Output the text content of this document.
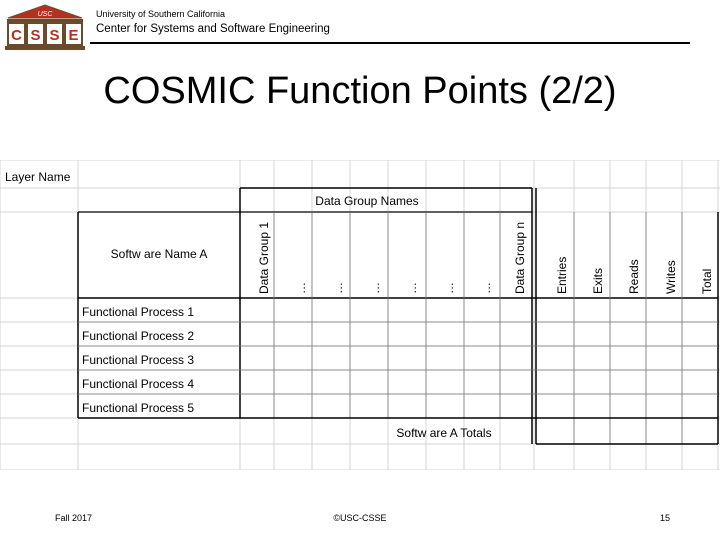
USC
C S S E
University of Southern California
Center for Systems and Software Engineering
COSMIC Function Points (2/2)
Layer Name
Data Group Names
Softw are Name A	Data Group 1 … … … … … … Data Group n Entries Exits Reads Writes Total
Functional Process 1
Functional Process 2
Functional Process 3
Functional Process 4
Functional Process 5
Softw are A Totals
Fall 2017	©USC-CSSE	15
